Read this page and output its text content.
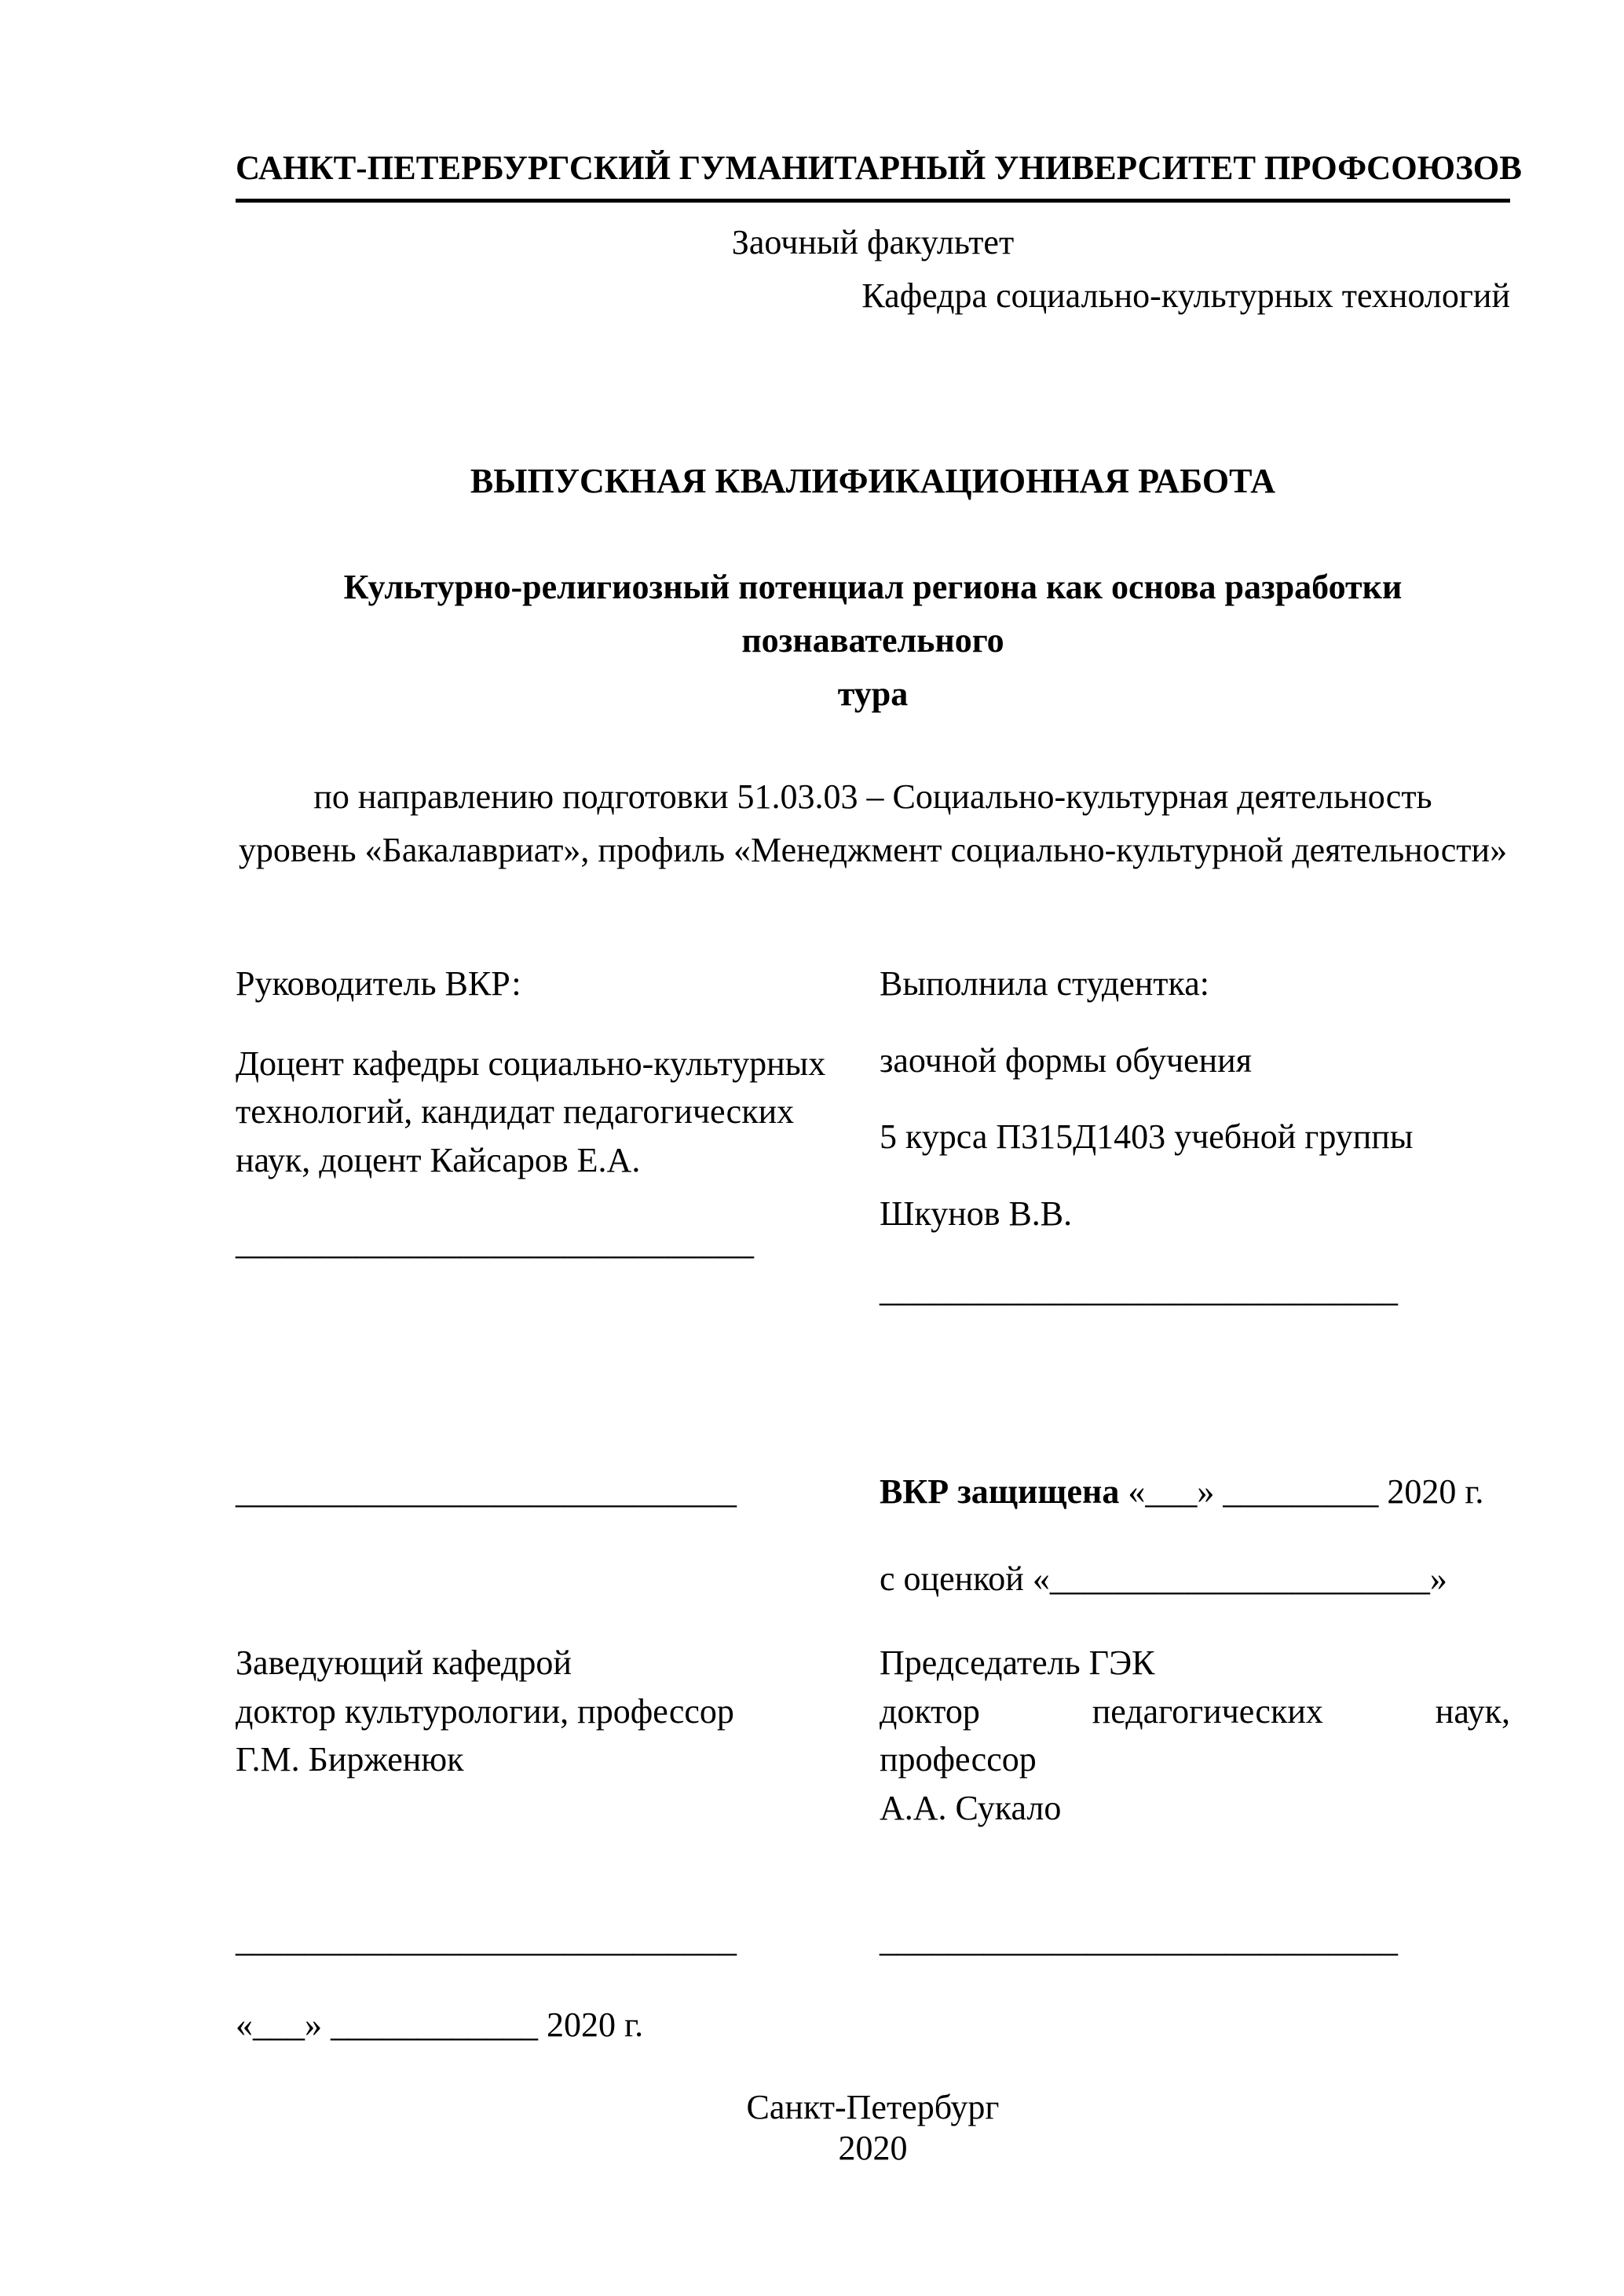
САНКТ-ПЕТЕРБУРГСКИЙ ГУМАНИТАРНЫЙ УНИВЕРСИТЕТ ПРОФСОЮЗОВ
Заочный факультет
Кафедра социально-культурных технологий
ВЫПУСКНАЯ КВАЛИФИКАЦИОННАЯ РАБОТА
Культурно-религиозный потенциал региона как основа разработки познавательного
тура
по направлению подготовки 51.03.03 – Социально-культурная деятельность
уровень «Бакалавриат», профиль «Менеджмент социально-культурной деятельности»
Руководитель ВКР:
Доцент кафедры социально-культурных
технологий, кандидат педагогических
наук, доцент Кайсаров Е.А.
______________________________
Выполнила студентка:
заочной формы обучения
5 курса П315Д1403 учебной группы
Шкунов В.В.
______________________________
_____________________________	ВКР защищена «___» _________ 2020 г.
с оценкой «______________________»
Заведующий кафедрой
доктор культурологии, профессор
Г.М. Бирженюк
Председатель ГЭК
доктор педагогических наук,
профессор
А.А. Сукало
_____________________________	______________________________
«___» ____________ 2020 г.
Санкт-Петербург
2020
